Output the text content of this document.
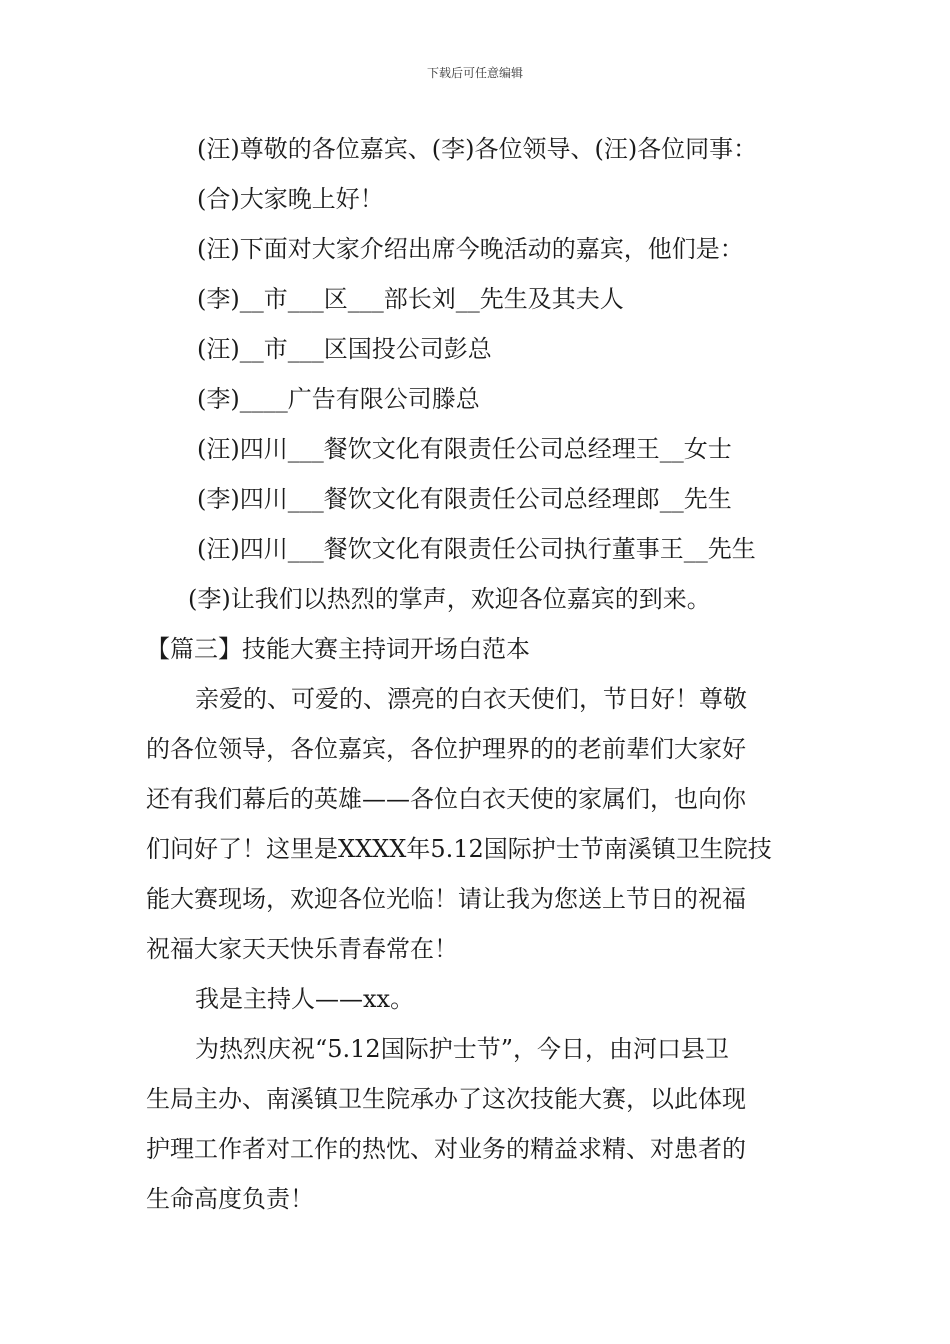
下载后可任意编辑
(汪)尊敬的各位嘉宾、(李)各位领导、(汪)各位同事：
(合)大家晚上好！
(汪)下面对大家介绍出席今晚活动的嘉宾，他们是：
(李)__市___区___部长刘__先生及其夫人
(汪)__市___区国投公司彭总
(李)____广告有限公司滕总
(汪)四川___餐饮文化有限责任公司总经理王__女士
(李)四川___餐饮文化有限责任公司总经理郎__先生
(汪)四川___餐饮文化有限责任公司执行董事王__先生
(李)让我们以热烈的掌声，欢迎各位嘉宾的到来。
【篇三】技能大赛主持词开场白范本
亲爱的、可爱的、漂亮的白衣天使们，节日好！尊敬
的各位领导，各位嘉宾，各位护理界的的老前辈们大家好
还有我们幕后的英雄——各位白衣天使的家属们，也向你
们问好了！这里是XXXX年5.12国际护士节南溪镇卫生院技
能大赛现场，欢迎各位光临！请让我为您送上节日的祝福
祝福大家天天快乐青春常在！
我是主持人——xx。
为热烈庆祝“5.12国际护士节”，今日，由河口县卫
生局主办、南溪镇卫生院承办了这次技能大赛，以此体现
护理工作者对工作的热忱、对业务的精益求精、对患者的
生命高度负责！
